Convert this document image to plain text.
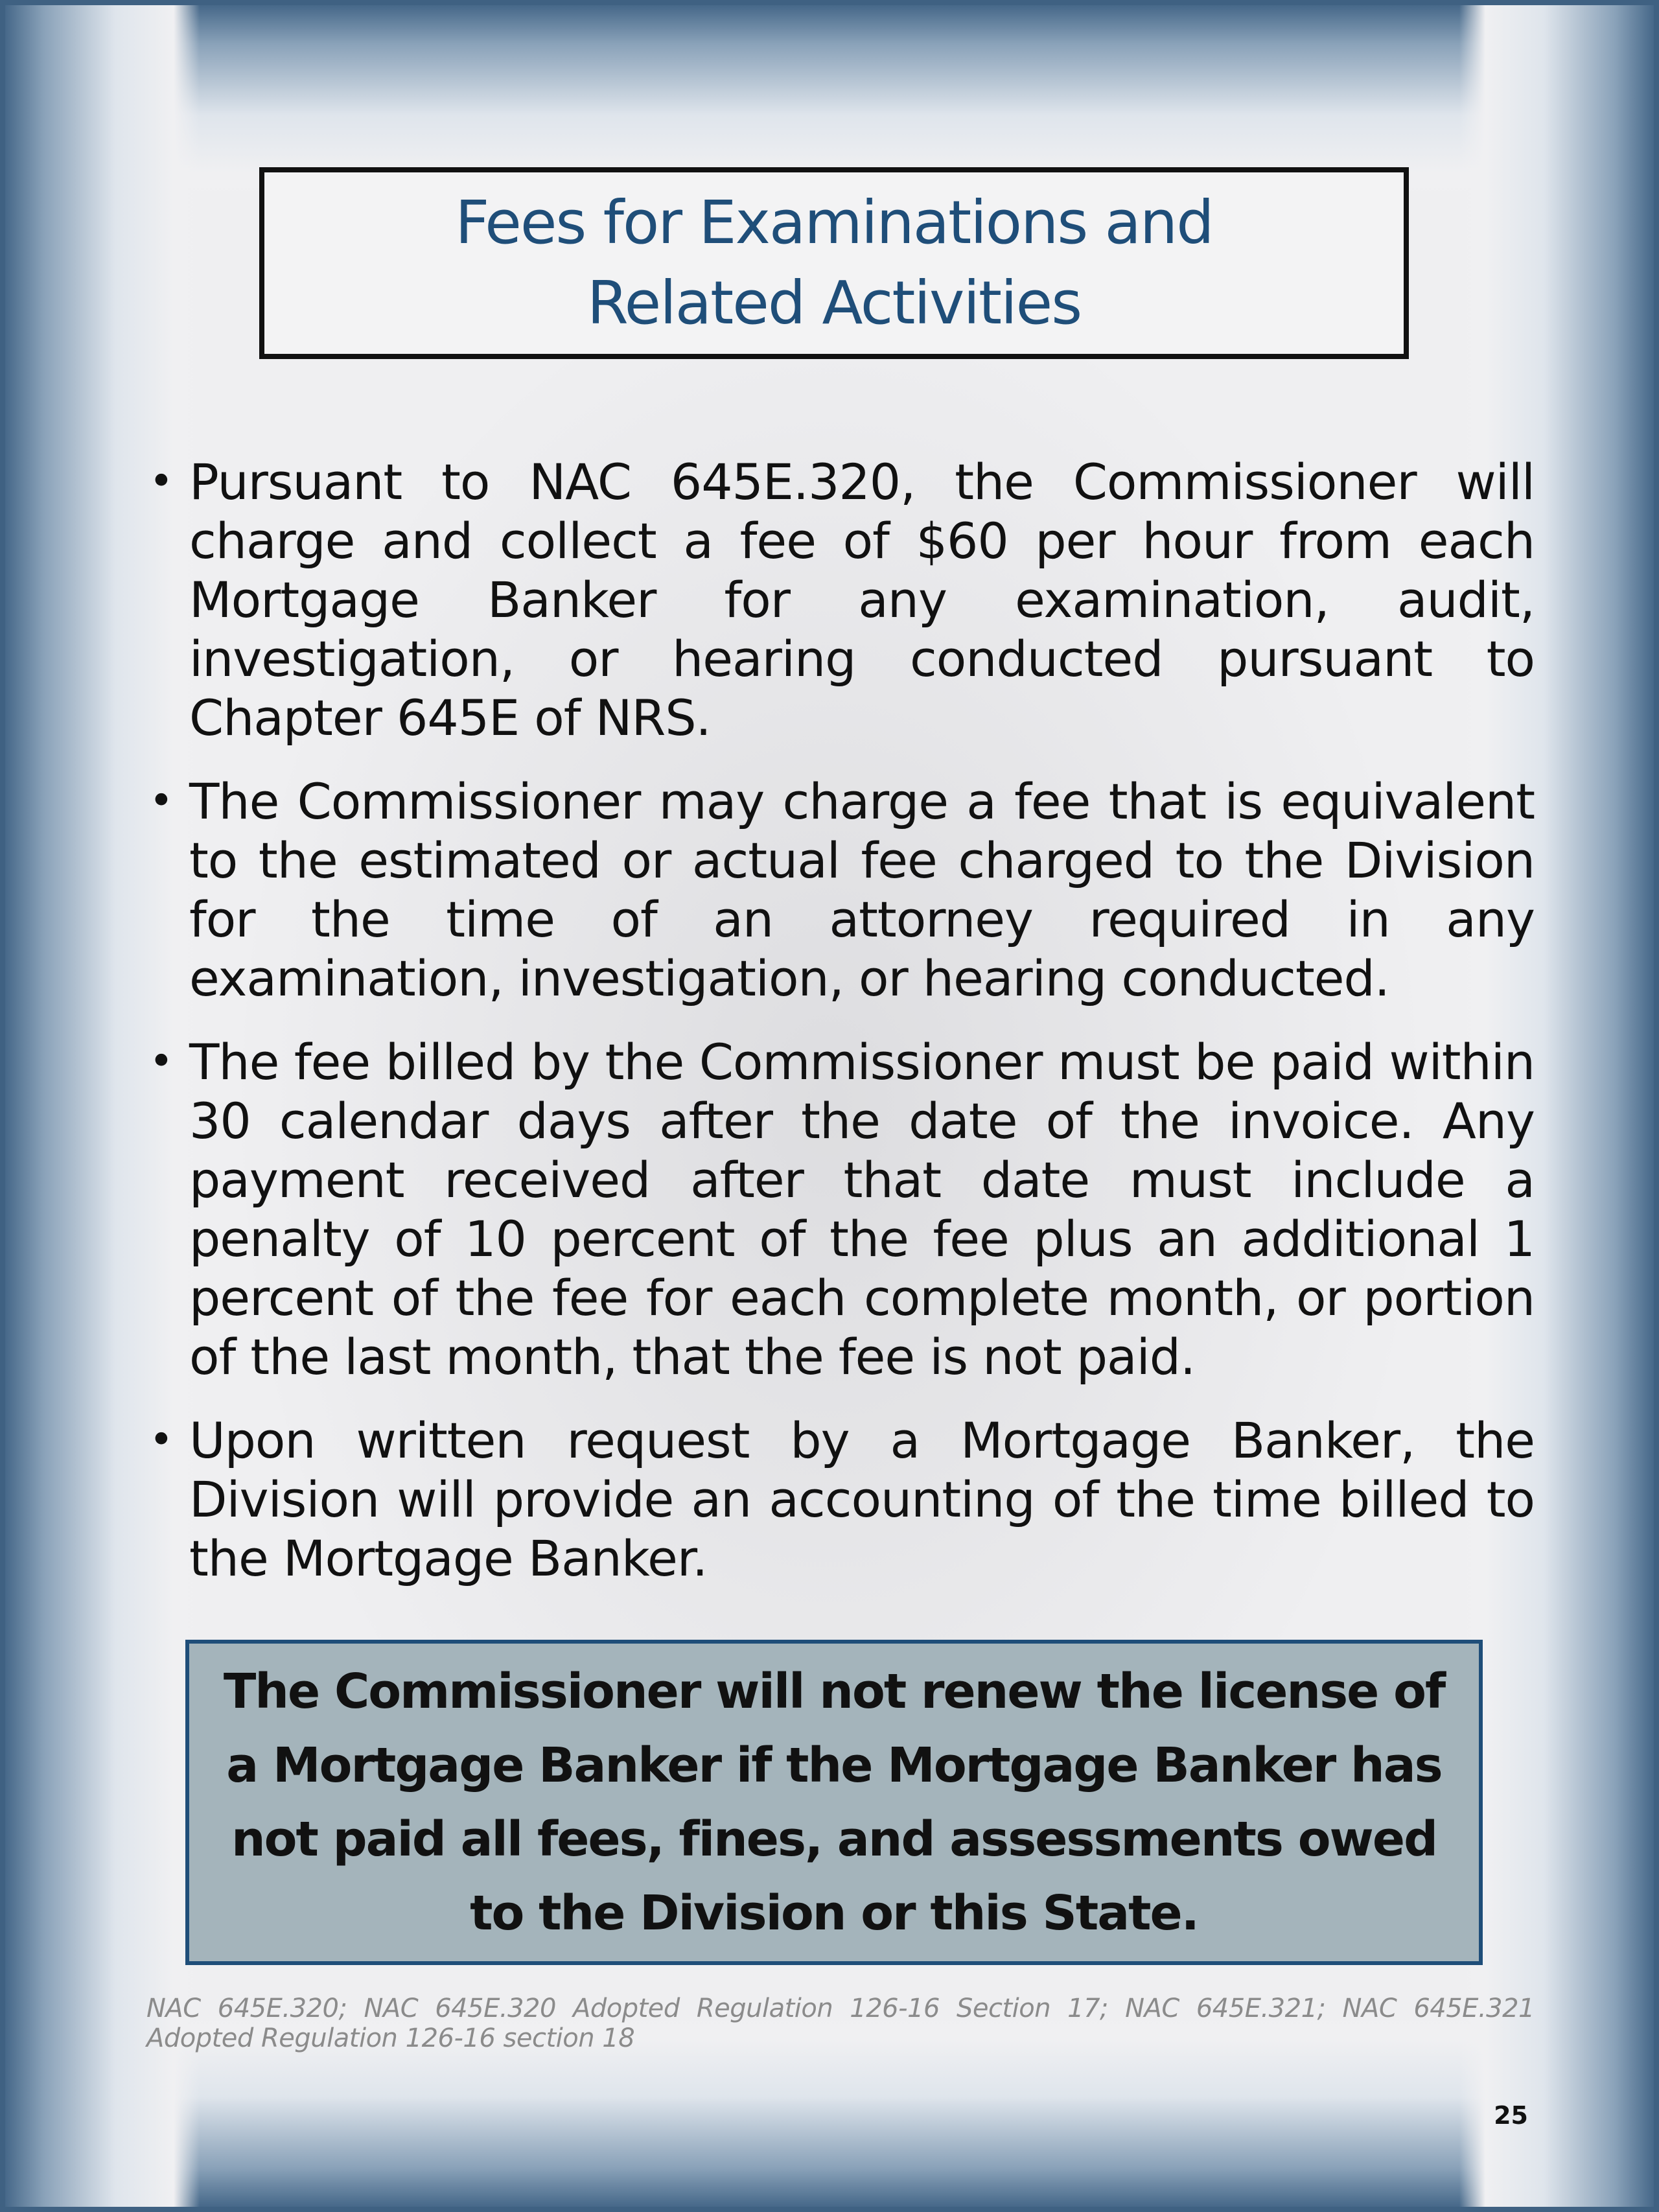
Fees for Examinations and
Related Activities
• Pursuant to NAC 645E.320, the Commissioner will charge and collect a fee of $60 per hour from each Mortgage Banker for any examination, audit, investigation, or hearing conducted pursuant to Chapter 645E of NRS.
• The Commissioner may charge a fee that is equivalent to the estimated or actual fee charged to the Division for the time of an attorney required in any examination, investigation, or hearing conducted.
• The fee billed by the Commissioner must be paid within 30 calendar days after the date of the invoice. Any payment received after that date must include a penalty of 10 percent of the fee plus an additional 1 percent of the fee for each complete month, or portion of the last month, that the fee is not paid.
• Upon written request by a Mortgage Banker, the Division will provide an accounting of the time billed to the Mortgage Banker.

The Commissioner will not renew the license of a Mortgage Banker if the Mortgage Banker has not paid all fees, fines, and assessments owed to the Division or this State.

NAC 645E.320; NAC 645E.320 Adopted Regulation 126-16 Section 17; NAC 645E.321; NAC 645E.321 Adopted Regulation 126-16 section 18
25
